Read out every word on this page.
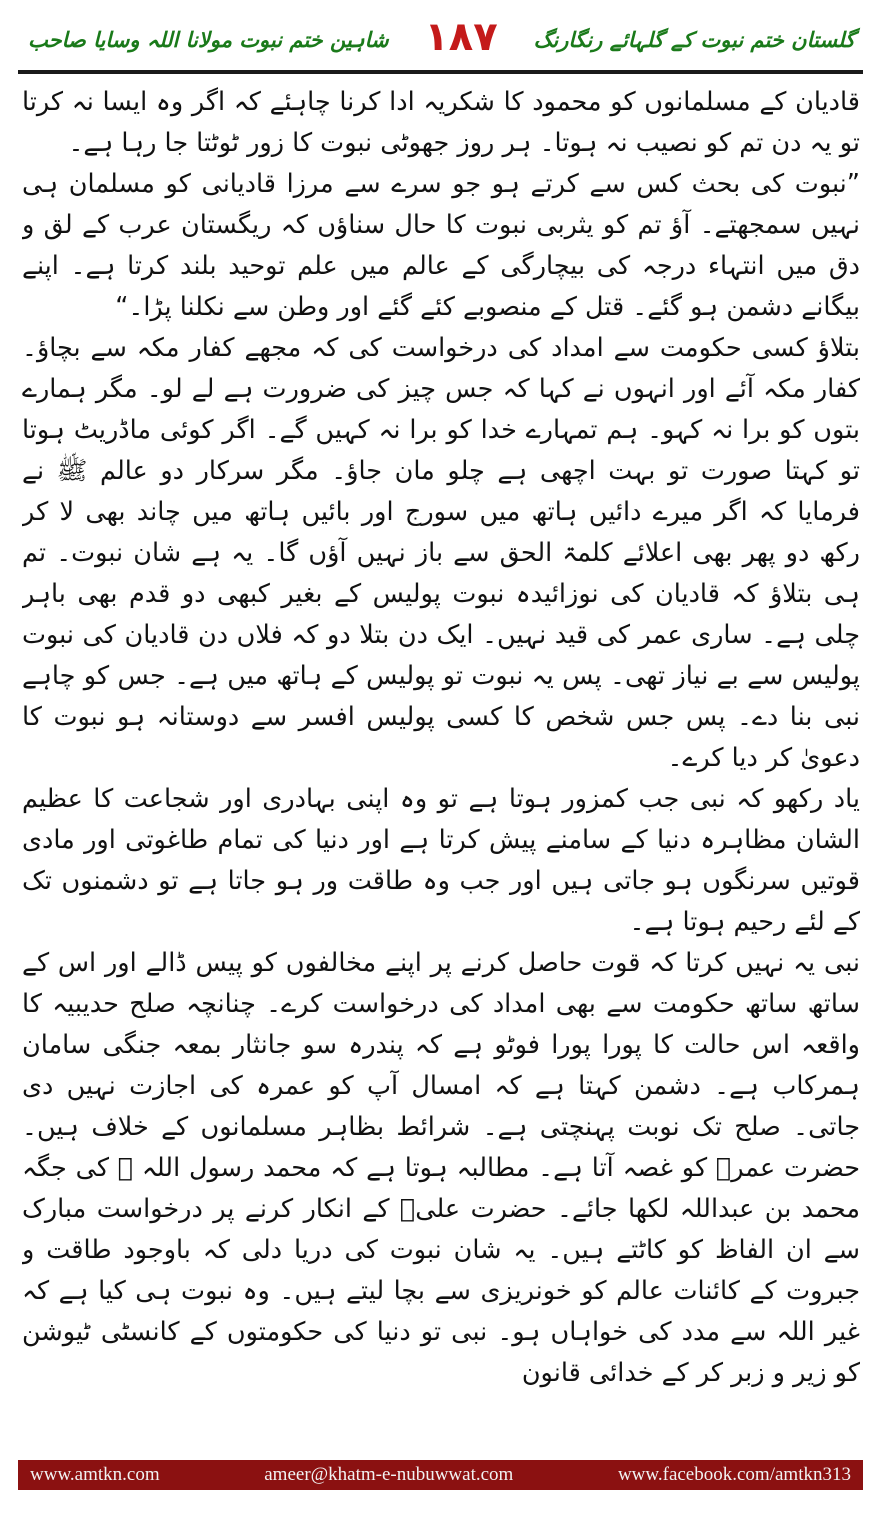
گلستان ختم نبوت کے گلہائے رنگارنگ
۱۸۷
شاہین ختم نبوت مولانا اللہ وسایا صاحب

قادیان کے مسلمانوں کو محمود کا شکریہ ادا کرنا چاہئے کہ اگر وہ ایسا نہ کرتا تو یہ دن تم کو نصیب نہ ہوتا۔ ہر روز جھوٹی نبوت کا زور ٹوٹتا جا رہا ہے۔

”نبوت کی بحث کس سے کرتے ہو جو سرے سے مرزا قادیانی کو مسلمان ہی نہیں سمجھتے۔ آؤ تم کو یثربی نبوت کا حال سناؤں کہ ریگستان عرب کے لق و دق میں انتہاء درجہ کی بیچارگی کے عالم میں علم توحید بلند کرتا ہے۔ اپنے بیگانے دشمن ہو گئے۔ قتل کے منصوبے کئے گئے اور وطن سے نکلنا پڑا۔“

بتلاؤ کسی حکومت سے امداد کی درخواست کی کہ مجھے کفار مکہ سے بچاؤ۔ کفار مکہ آئے اور انہوں نے کہا کہ جس چیز کی ضرورت ہے لے لو۔ مگر ہمارے بتوں کو برا نہ کہو۔ ہم تمہارے خدا کو برا نہ کہیں گے۔ اگر کوئی ماڈریٹ ہوتا تو کہتا صورت تو بہت اچھی ہے چلو مان جاؤ۔ مگر سرکار دو عالم ﷺ نے فرمایا کہ اگر میرے دائیں ہاتھ میں سورج اور بائیں ہاتھ میں چاند بھی لا کر رکھ دو پھر بھی اعلائے کلمۃ الحق سے باز نہیں آؤں گا۔ یہ ہے شان نبوت۔ تم ہی بتلاؤ کہ قادیان کی نوزائیدہ نبوت پولیس کے بغیر کبھی دو قدم بھی باہر چلی ہے۔ ساری عمر کی قید نہیں۔ ایک دن بتلا دو کہ فلاں دن قادیان کی نبوت پولیس سے بے نیاز تھی۔ پس یہ نبوت تو پولیس کے ہاتھ میں ہے۔ جس کو چاہے نبی بنا دے۔ پس جس شخص کا کسی پولیس افسر سے دوستانہ ہو نبوت کا دعویٰ کر دیا کرے۔

یاد رکھو کہ نبی جب کمزور ہوتا ہے تو وہ اپنی بہادری اور شجاعت کا عظیم الشان مظاہرہ دنیا کے سامنے پیش کرتا ہے اور دنیا کی تمام طاغوتی اور مادی قوتیں سرنگوں ہو جاتی ہیں اور جب وہ طاقت ور ہو جاتا ہے تو دشمنوں تک کے لئے رحیم ہوتا ہے۔

نبی یہ نہیں کرتا کہ قوت حاصل کرنے پر اپنے مخالفوں کو پیس ڈالے اور اس کے ساتھ ساتھ حکومت سے بھی امداد کی درخواست کرے۔ چنانچہ صلح حدیبیہ کا واقعہ اس حالت کا پورا پورا فوٹو ہے کہ پندرہ سو جانثار بمعہ جنگی سامان ہمرکاب ہے۔ دشمن کہتا ہے کہ امسال آپ کو عمرہ کی اجازت نہیں دی جاتی۔ صلح تک نوبت پہنچتی ہے۔ شرائط بظاہر مسلمانوں کے خلاف ہیں۔ حضرت عمرؓ کو غصہ آتا ہے۔ مطالبہ ہوتا ہے کہ محمد رسول اللہ ﷺ کی جگہ محمد بن عبداللہ لکھا جائے۔ حضرت علیؓ کے انکار کرنے پر درخواست مبارک سے ان الفاظ کو کاٹتے ہیں۔ یہ شان نبوت کی دریا دلی کہ باوجود طاقت و جبروت کے کائنات عالم کو خونریزی سے بچا لیتے ہیں۔ وہ نبوت ہی کیا ہے کہ غیر اللہ سے مدد کی خواہاں ہو۔ نبی تو دنیا کی حکومتوں کے کانسٹی ٹیوشن کو زیر و زبر کر کے خدائی قانون

www.amtkn.com	ameer@khatm-e-nubuwwat.com	www.facebook.com/amtkn313
